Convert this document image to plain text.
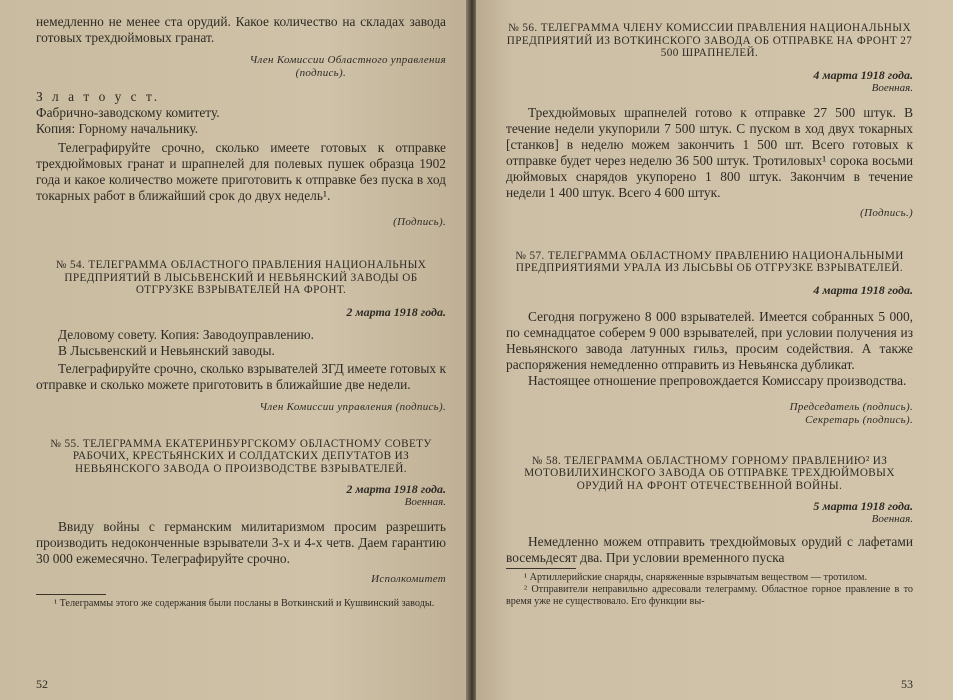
немедленно не менее ста орудий. Какое количество на складах завода готовых трехдюймовых гранат.

Член Комиссии Областного управления

(подпись).

З л а т о у с т.

Фабрично-заводскому комитету.

Копия: Горному начальнику.

Телеграфируйте срочно, сколько имеете готовых к отправке трехдюймовых гранат и шрапнелей для полевых пушек образца 1902 года и какое количество можете приготовить к отправке без пуска в ход токарных работ в ближайший срок до двух недель¹.

(Подпись).

№ 54. ТЕЛЕГРАММА ОБЛАСТНОГО ПРАВЛЕНИЯ НАЦИОНАЛЬНЫХ ПРЕДПРИЯТИЙ В ЛЫСЬВЕНСКИЙ И НЕВЬЯНСКИЙ ЗАВОДЫ ОБ ОТГРУЗКЕ ВЗРЫВАТЕЛЕЙ НА ФРОНТ.

2 марта 1918 года.

Деловому совету. Копия: Заводоуправлению.

В Лысьвенский и Невьянский заводы.

Телеграфируйте срочно, сколько взрывателей ЗГД имеете готовых к отправке и сколько можете приготовить в ближайшие две недели.

Член Комиссии управления (подпись).

№ 55. ТЕЛЕГРАММА ЕКАТЕРИНБУРГСКОМУ ОБЛАСТНОМУ СОВЕТУ РАБОЧИХ, КРЕСТЬЯНСКИХ И СОЛДАТСКИХ ДЕПУТАТОВ ИЗ НЕВЬЯНСКОГО ЗАВОДА О ПРОИЗВОДСТВЕ ВЗРЫВАТЕЛЕЙ.

2 марта 1918 года.

Военная.

Ввиду войны с германским милитаризмом просим разрешить производить недоконченные взрыватели 3-х и 4-х четв. Даем гарантию 30 000 ежемесячно. Телеграфируйте срочно.

Исполкомитет

¹ Телеграммы этого же содержания были посланы в Воткинский и Кушвинский заводы.

52

№ 56. ТЕЛЕГРАММА ЧЛЕНУ КОМИССИИ ПРАВЛЕНИЯ НАЦИОНАЛЬНЫХ ПРЕДПРИЯТИЙ ИЗ ВОТКИНСКОГО ЗАВОДА ОБ ОТПРАВКЕ НА ФРОНТ 27 500 ШРАПНЕЛЕЙ.

4 марта 1918 года.

Военная.

Трехдюймовых шрапнелей готово к отправке 27 500 штук. В течение недели укупорили 7 500 штук. С пуском в ход двух токарных [станков] в неделю можем закончить 1 500 шт. Всего готовых к отправке будет через неделю 36 500 штук. Тротиловых¹ сорока восьми дюймовых снарядов укупорено 1 800 штук. Закончим в течение недели 1 400 штук. Всего 4 600 штук.

(Подпись.)

№ 57. ТЕЛЕГРАММА ОБЛАСТНОМУ ПРАВЛЕНИЮ НАЦИОНАЛЬНЫМИ ПРЕДПРИЯТИЯМИ УРАЛА ИЗ ЛЫСЬВЫ ОБ ОТГРУЗКЕ ВЗРЫВАТЕЛЕЙ.

4 марта 1918 года.

Сегодня погружено 8 000 взрывателей. Имеется собранных 5 000, по семнадцатое соберем 9 000 взрывателей, при условии получения из Невьянского завода латунных гильз, просим содействия. А также распоряжения немедленно отправить из Невьянска дубликат.

Настоящее отношение препровождается Комиссару производства.

Председатель (подпись).

Секретарь (подпись).

№ 58. ТЕЛЕГРАММА ОБЛАСТНОМУ ГОРНОМУ ПРАВЛЕНИЮ² ИЗ МОТОВИЛИХИНСКОГО ЗАВОДА ОБ ОТПРАВКЕ ТРЕХДЮЙМОВЫХ ОРУДИЙ НА ФРОНТ ОТЕЧЕСТВЕННОЙ ВОЙНЫ.

5 марта 1918 года.

Военная.

Немедленно можем отправить трехдюймовых орудий с лафетами восемьдесят два. При условии временного пуска

¹ Артиллерийские снаряды, снаряженные взрывчатым веществом — тротилом.

² Отправители неправильно адресовали телеграмму. Областное горное правление в то время уже не существовало. Его функции вы-

53
